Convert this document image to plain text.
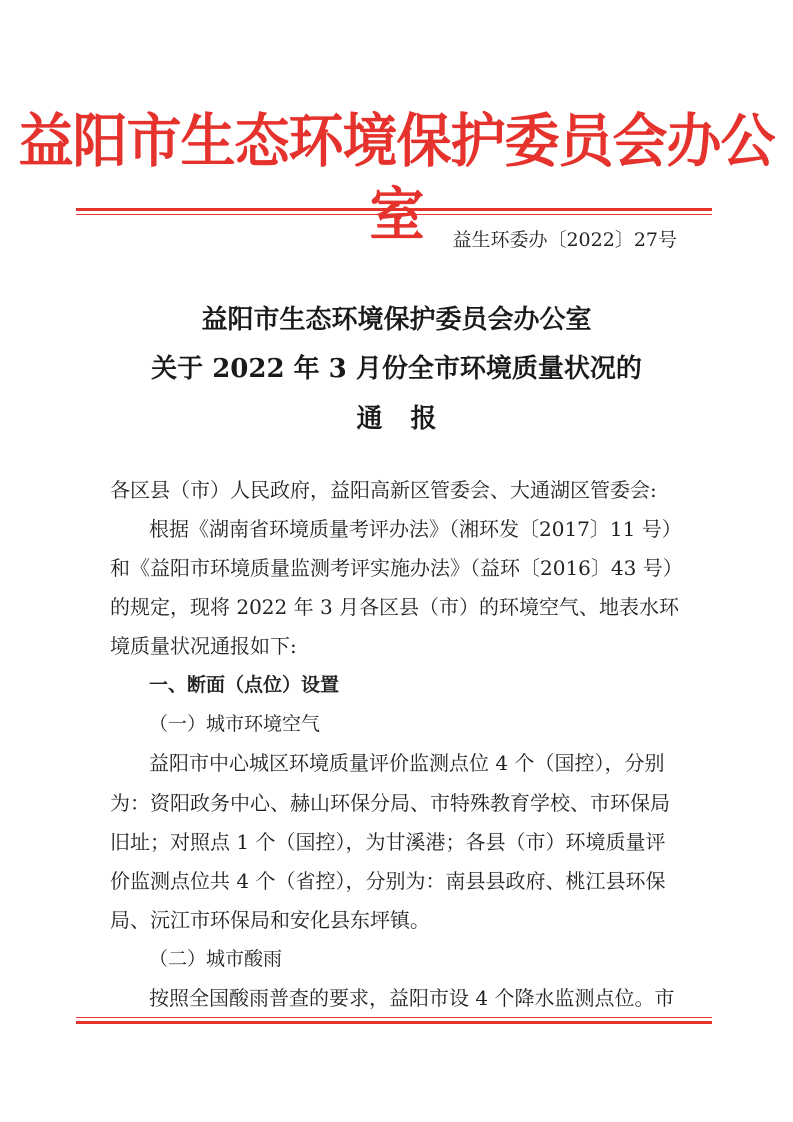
益阳市生态环境保护委员会办公室	益生环委办〔2022〕27号
益阳市生态环境保护委员会办公室
关于 2022 年 3 月份全市环境质量状况的
通报
各区县（市）人民政府，益阳高新区管委会、大通湖区管委会:
根据《湖南省环境质量考评办法》（湘环发〔2017〕11 号）
和《益阳市环境质量监测考评实施办法》（益环〔2016〕43 号）
的规定，现将 2022 年 3 月各区县（市）的环境空气、地表水环
境质量状况通报如下:
一、断面（点位）设置
（一）城市环境空气
益阳市中心城区环境质量评价监测点位 4 个（国控），分别
为：资阳政务中心、赫山环保分局、市特殊教育学校、市环保局
旧址；对照点 1 个（国控），为甘溪港；各县（市）环境质量评
价监测点位共 4 个（省控），分别为：南县县政府、桃江县环保
局、沅江市环保局和安化县东坪镇。
（二）城市酸雨
按照全国酸雨普查的要求，益阳市设 4 个降水监测点位。市
